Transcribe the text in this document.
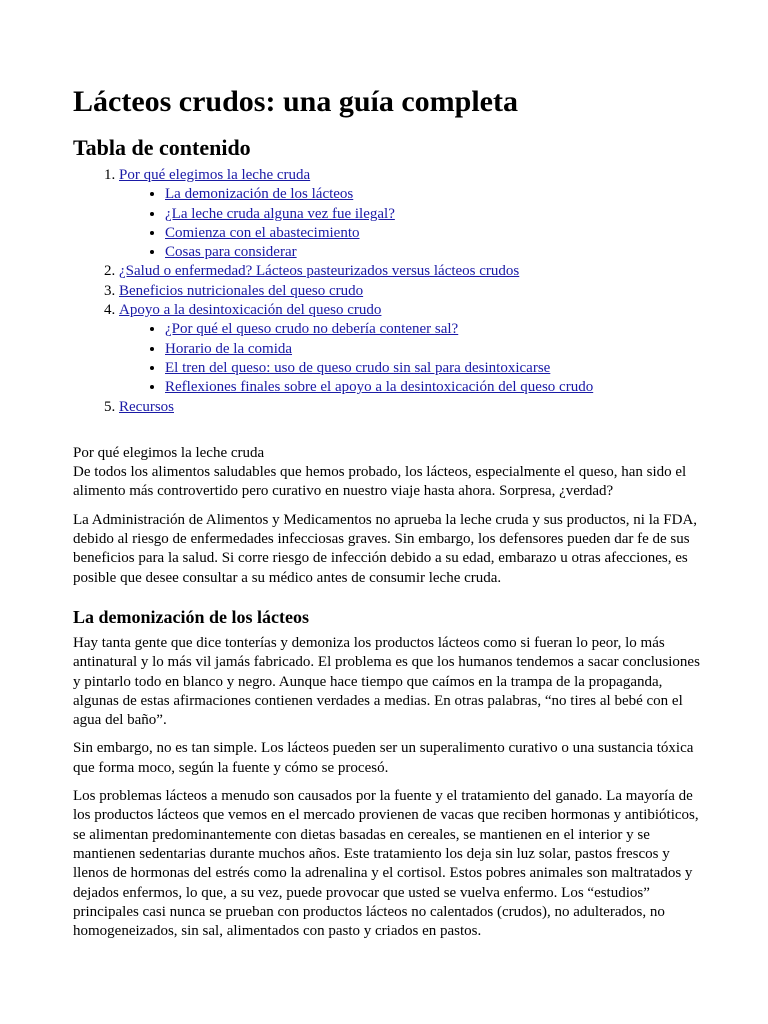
Lácteos crudos: una guía completa
Tabla de contenido
1. Por qué elegimos la leche cruda
• La demonización de los lácteos
• ¿La leche cruda alguna vez fue ilegal?
• Comienza con el abastecimiento
• Cosas para considerar
2. ¿Salud o enfermedad? Lácteos pasteurizados versus lácteos crudos
3. Beneficios nutricionales del queso crudo
4. Apoyo a la desintoxicación del queso crudo
• ¿Por qué el queso crudo no debería contener sal?
• Horario de la comida
• El tren del queso: uso de queso crudo sin sal para desintoxicarse
• Reflexiones finales sobre el apoyo a la desintoxicación del queso crudo
5. Recursos
Por qué elegimos la leche cruda

De todos los alimentos saludables que hemos probado, los lácteos, especialmente el queso, han sido el alimento más controvertido pero curativo en nuestro viaje hasta ahora. Sorpresa, ¿verdad?

La Administración de Alimentos y Medicamentos no aprueba la leche cruda y sus productos, ni la FDA, debido al riesgo de enfermedades infecciosas graves. Sin embargo, los defensores pueden dar fe de sus beneficios para la salud. Si corre riesgo de infección debido a su edad, embarazo u otras afecciones, es posible que desee consultar a su médico antes de consumir leche cruda.

La demonización de los lácteos

Hay tanta gente que dice tonterías y demoniza los productos lácteos como si fueran lo peor, lo más antinatural y lo más vil jamás fabricado. El problema es que los humanos tendemos a sacar conclusiones y pintarlo todo en blanco y negro. Aunque hace tiempo que caímos en la trampa de la propaganda, algunas de estas afirmaciones contienen verdades a medias. En otras palabras, “no tires al bebé con el agua del baño”.

Sin embargo, no es tan simple. Los lácteos pueden ser un superalimento curativo o una sustancia tóxica que forma moco, según la fuente y cómo se procesó.

Los problemas lácteos a menudo son causados por la fuente y el tratamiento del ganado. La mayoría de los productos lácteos que vemos en el mercado provienen de vacas que reciben hormonas y antibióticos, se alimentan predominantemente con dietas basadas en cereales, se mantienen en el interior y se mantienen sedentarias durante muchos años. Este tratamiento los deja sin luz solar, pastos frescos y llenos de hormonas del estrés como la adrenalina y el cortisol. Estos pobres animales son maltratados y dejados enfermos, lo que, a su vez, puede provocar que usted se vuelva enfermo. Los “estudios” principales casi nunca se prueban con productos lácteos no calentados (crudos), no adulterados, no homogeneizados, sin sal, alimentados con pasto y criados en pastos.
